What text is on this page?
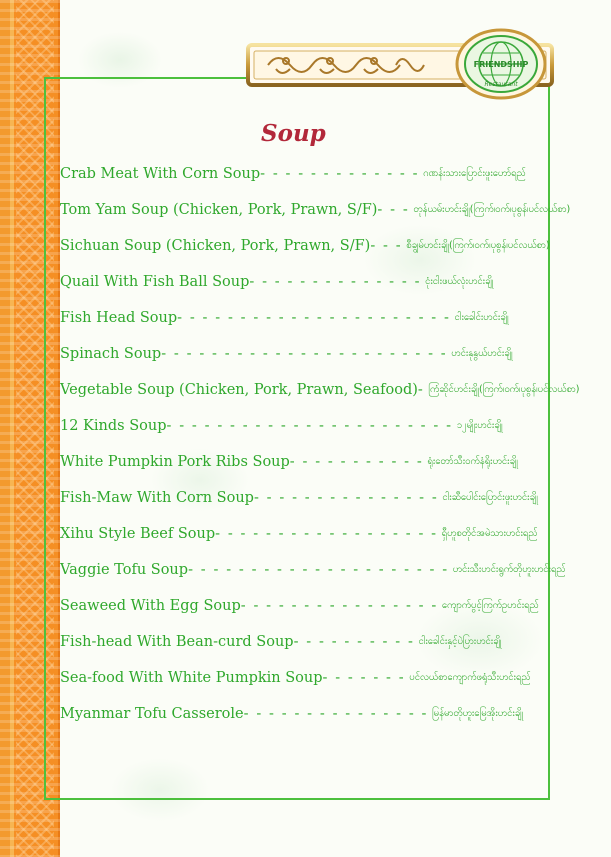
FRIENDSHIP
Restaurant
Soup
Crab Meat With Corn Soup - - - - - - - - - - - - - ဂဏန်းသားပြောင်းဖူးဟော်ရည်
Tom Yam Soup (Chicken, Pork, Prawn, S/F) - - - တုန်ယမ်းဟင်းချို(ကြက်၊ဝက်၊ပုစွန်၊ပင်လယ်စာ)
Sichuan Soup (Chicken, Pork, Prawn, S/F) - - - စီချွမ်ဟင်းချို(ကြက်၊ဝက်၊ပုစွန်၊ပင်လယ်စာ)
Quail With Fish Ball Soup - - - - - - - - - - - - - - ငုံးငါးဖယ်လုံးဟင်းချို
Fish Head Soup - - - - - - - - - - - - - - - - - - - - - - ငါးခေါင်းဟင်းချို
Spinach Soup - - - - - - - - - - - - - - - - - - - - - - - ဟင်းနုနွယ်ဟင်းချို
Vegetable Soup (Chicken, Pork, Prawn, Seafood) - ကြံဆိုင်ဟင်းချို(ကြက်၊ဝက်၊ပုစွန်၊ပင်လယ်စာ)
12 Kinds Soup - - - - - - - - - - - - - - - - - - - - - - - ၁၂မျိုးဟင်းချို
White Pumpkin Pork Ribs Soup - - - - - - - - - - - ရုံးတော်သီးဝက်နံရိုးဟင်းချို
Fish-Maw With Corn Soup - - - - - - - - - - - - - - - ငါးဆီပေါင်းပြောင်းဖူးဟင်းချို
Xihu Style Beef Soup - - - - - - - - - - - - - - - - - - ရှီဟူစတိုင်အမဲသားဟင်းရည်
Vaggie Tofu Soup - - - - - - - - - - - - - - - - - - - - - ဟင်းသီးဟင်းရွက်တိုဟူးဟင်းရည်
Seaweed With Egg Soup - - - - - - - - - - - - - - - - ကျောက်ပွင့်ကြက်ဥဟင်းရည်
Fish-head With Bean-curd Soup - - - - - - - - - - ငါးခေါင်းနှင့်ပဲပြားဟင်းချို
Sea-food With White Pumpkin Soup - - - - - - - ပင်လယ်စာကျောက်ဖရုံသီးဟင်းရည်
Myanmar Tofu Casserole - - - - - - - - - - - - - - - မြန်မာတိုဟူးမြေအိုးဟင်းချို
